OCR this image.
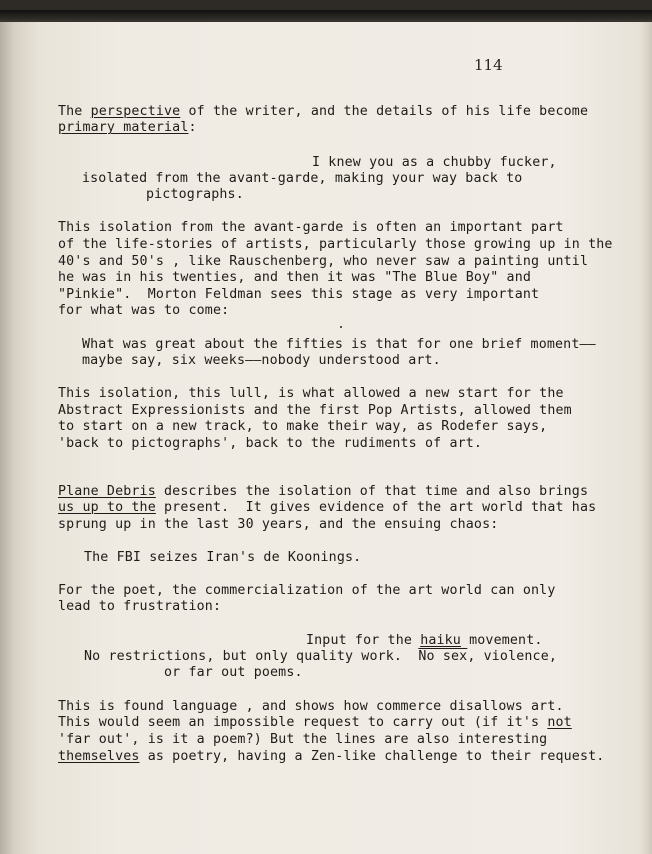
114
The perspective of the writer, and the details of his life become
primary material:
I knew you as a chubby fucker,
isolated from the avant-garde, making your way back to
pictographs.
This isolation from the avant-garde is often an important part
of the life-stories of artists, particularly those growing up in the
40's and 50's , like Rauschenberg, who never saw a painting until
he was in his twenties, and then it was "The Blue Boy" and
"Pinkie".  Morton Feldman sees this stage as very important
for what was to come:
What was great about the fifties is that for one brief moment——
maybe say, six weeks——nobody understood art.
This isolation, this lull, is what allowed a new start for the
Abstract Expressionists and the first Pop Artists, allowed them
to start on a new track, to make their way, as Rodefer says,
'back to pictographs', back to the rudiments of art.
Plane Debris describes the isolation of that time and also brings
us up to the present.  It gives evidence of the art world that has
sprung up in the last 30 years, and the ensuing chaos:
The FBI seizes Iran's de Koonings.
For the poet, the commercialization of the art world can only
lead to frustration:
Input for the haiku movement.
No restrictions, but only quality work.  No sex, violence,
or far out poems.
This is found language , and shows how commerce disallows art.
This would seem an impossible request to carry out (if it's not
'far out', is it a poem?) But the lines are also interesting
themselves as poetry, having a Zen-like challenge to their request.
